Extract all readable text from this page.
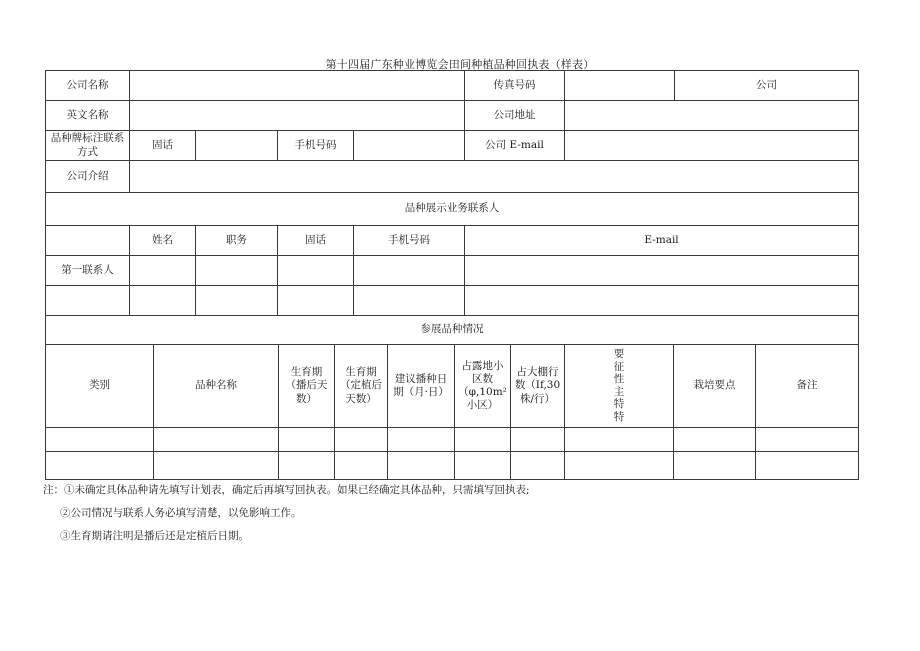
第十四届广东种业博览会田间种植品种回执表（样表）
公司名称					传真号码		公司
英文名称					公司地址		
品种牌标注联系方式	固话		手机号码		公司 E-mail		
公司介绍							
品种展示业务联系人							
	姓名	职务	固话	手机号码	E-mail		
第一联系人							

参展品种情况							
类别	品种名称	生育期（播后天数）	生育期（定植后天数）	建议播种日期（月·日）	占露地小区数（φ,10m²小区）	占大棚行数（If,30株/行）	要征性主特特	栽培要点	备注

注：①未确定具体品种请先填写计划表，确定后再填写回执表。如果已经确定具体品种，只需填写回执表;
②公司情况与联系人务必填写清楚，以免影响工作。
③生育期请注明是播后还是定植后日期。
